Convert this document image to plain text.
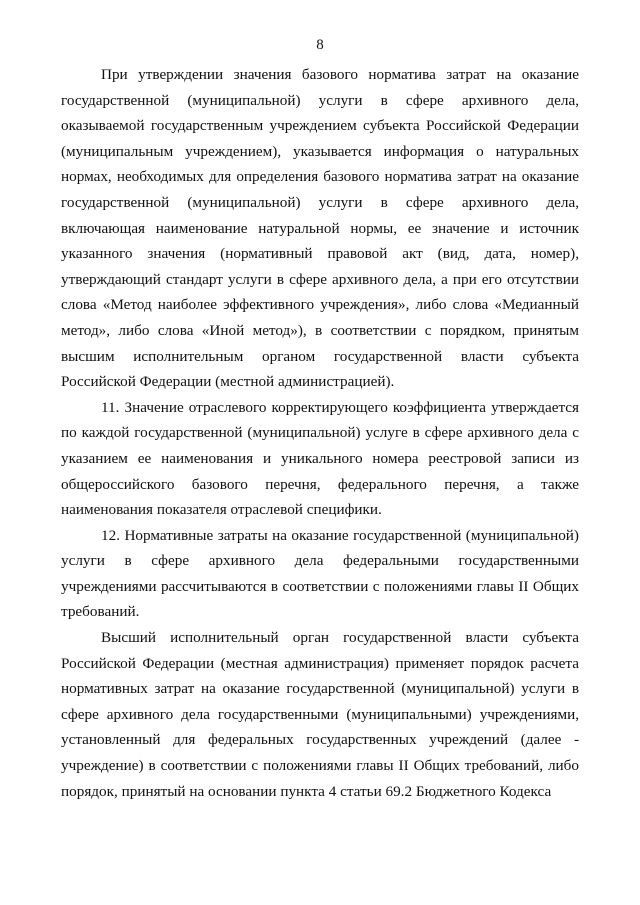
8

При утверждении значения базового норматива затрат на оказание государственной (муниципальной) услуги в сфере архивного дела, оказываемой государственным учреждением субъекта Российской Федерации (муниципальным учреждением), указывается информация о натуральных нормах, необходимых для определения базового норматива затрат на оказание государственной (муниципальной) услуги в сфере архивного дела, включающая наименование натуральной нормы, ее значение и источник указанного значения (нормативный правовой акт (вид, дата, номер), утверждающий стандарт услуги в сфере архивного дела, а при его отсутствии слова «Метод наиболее эффективного учреждения», либо слова «Медианный метод», либо слова «Иной метод»), в соответствии с порядком, принятым высшим исполнительным органом государственной власти субъекта Российской Федерации (местной администрацией).

11. Значение отраслевого корректирующего коэффициента утверждается по каждой государственной (муниципальной) услуге в сфере архивного дела с указанием ее наименования и уникального номера реестровой записи из общероссийского базового перечня, федерального перечня, а также наименования показателя отраслевой специфики.

12. Нормативные затраты на оказание государственной (муниципальной) услуги в сфере архивного дела федеральными государственными учреждениями рассчитываются в соответствии с положениями главы II Общих требований.

Высший исполнительный орган государственной власти субъекта Российской Федерации (местная администрация) применяет порядок расчета нормативных затрат на оказание государственной (муниципальной) услуги в сфере архивного дела государственными (муниципальными) учреждениями, установленный для федеральных государственных учреждений (далее - учреждение) в соответствии с положениями главы II Общих требований, либо порядок, принятый на основании пункта 4 статьи 69.2 Бюджетного Кодекса
